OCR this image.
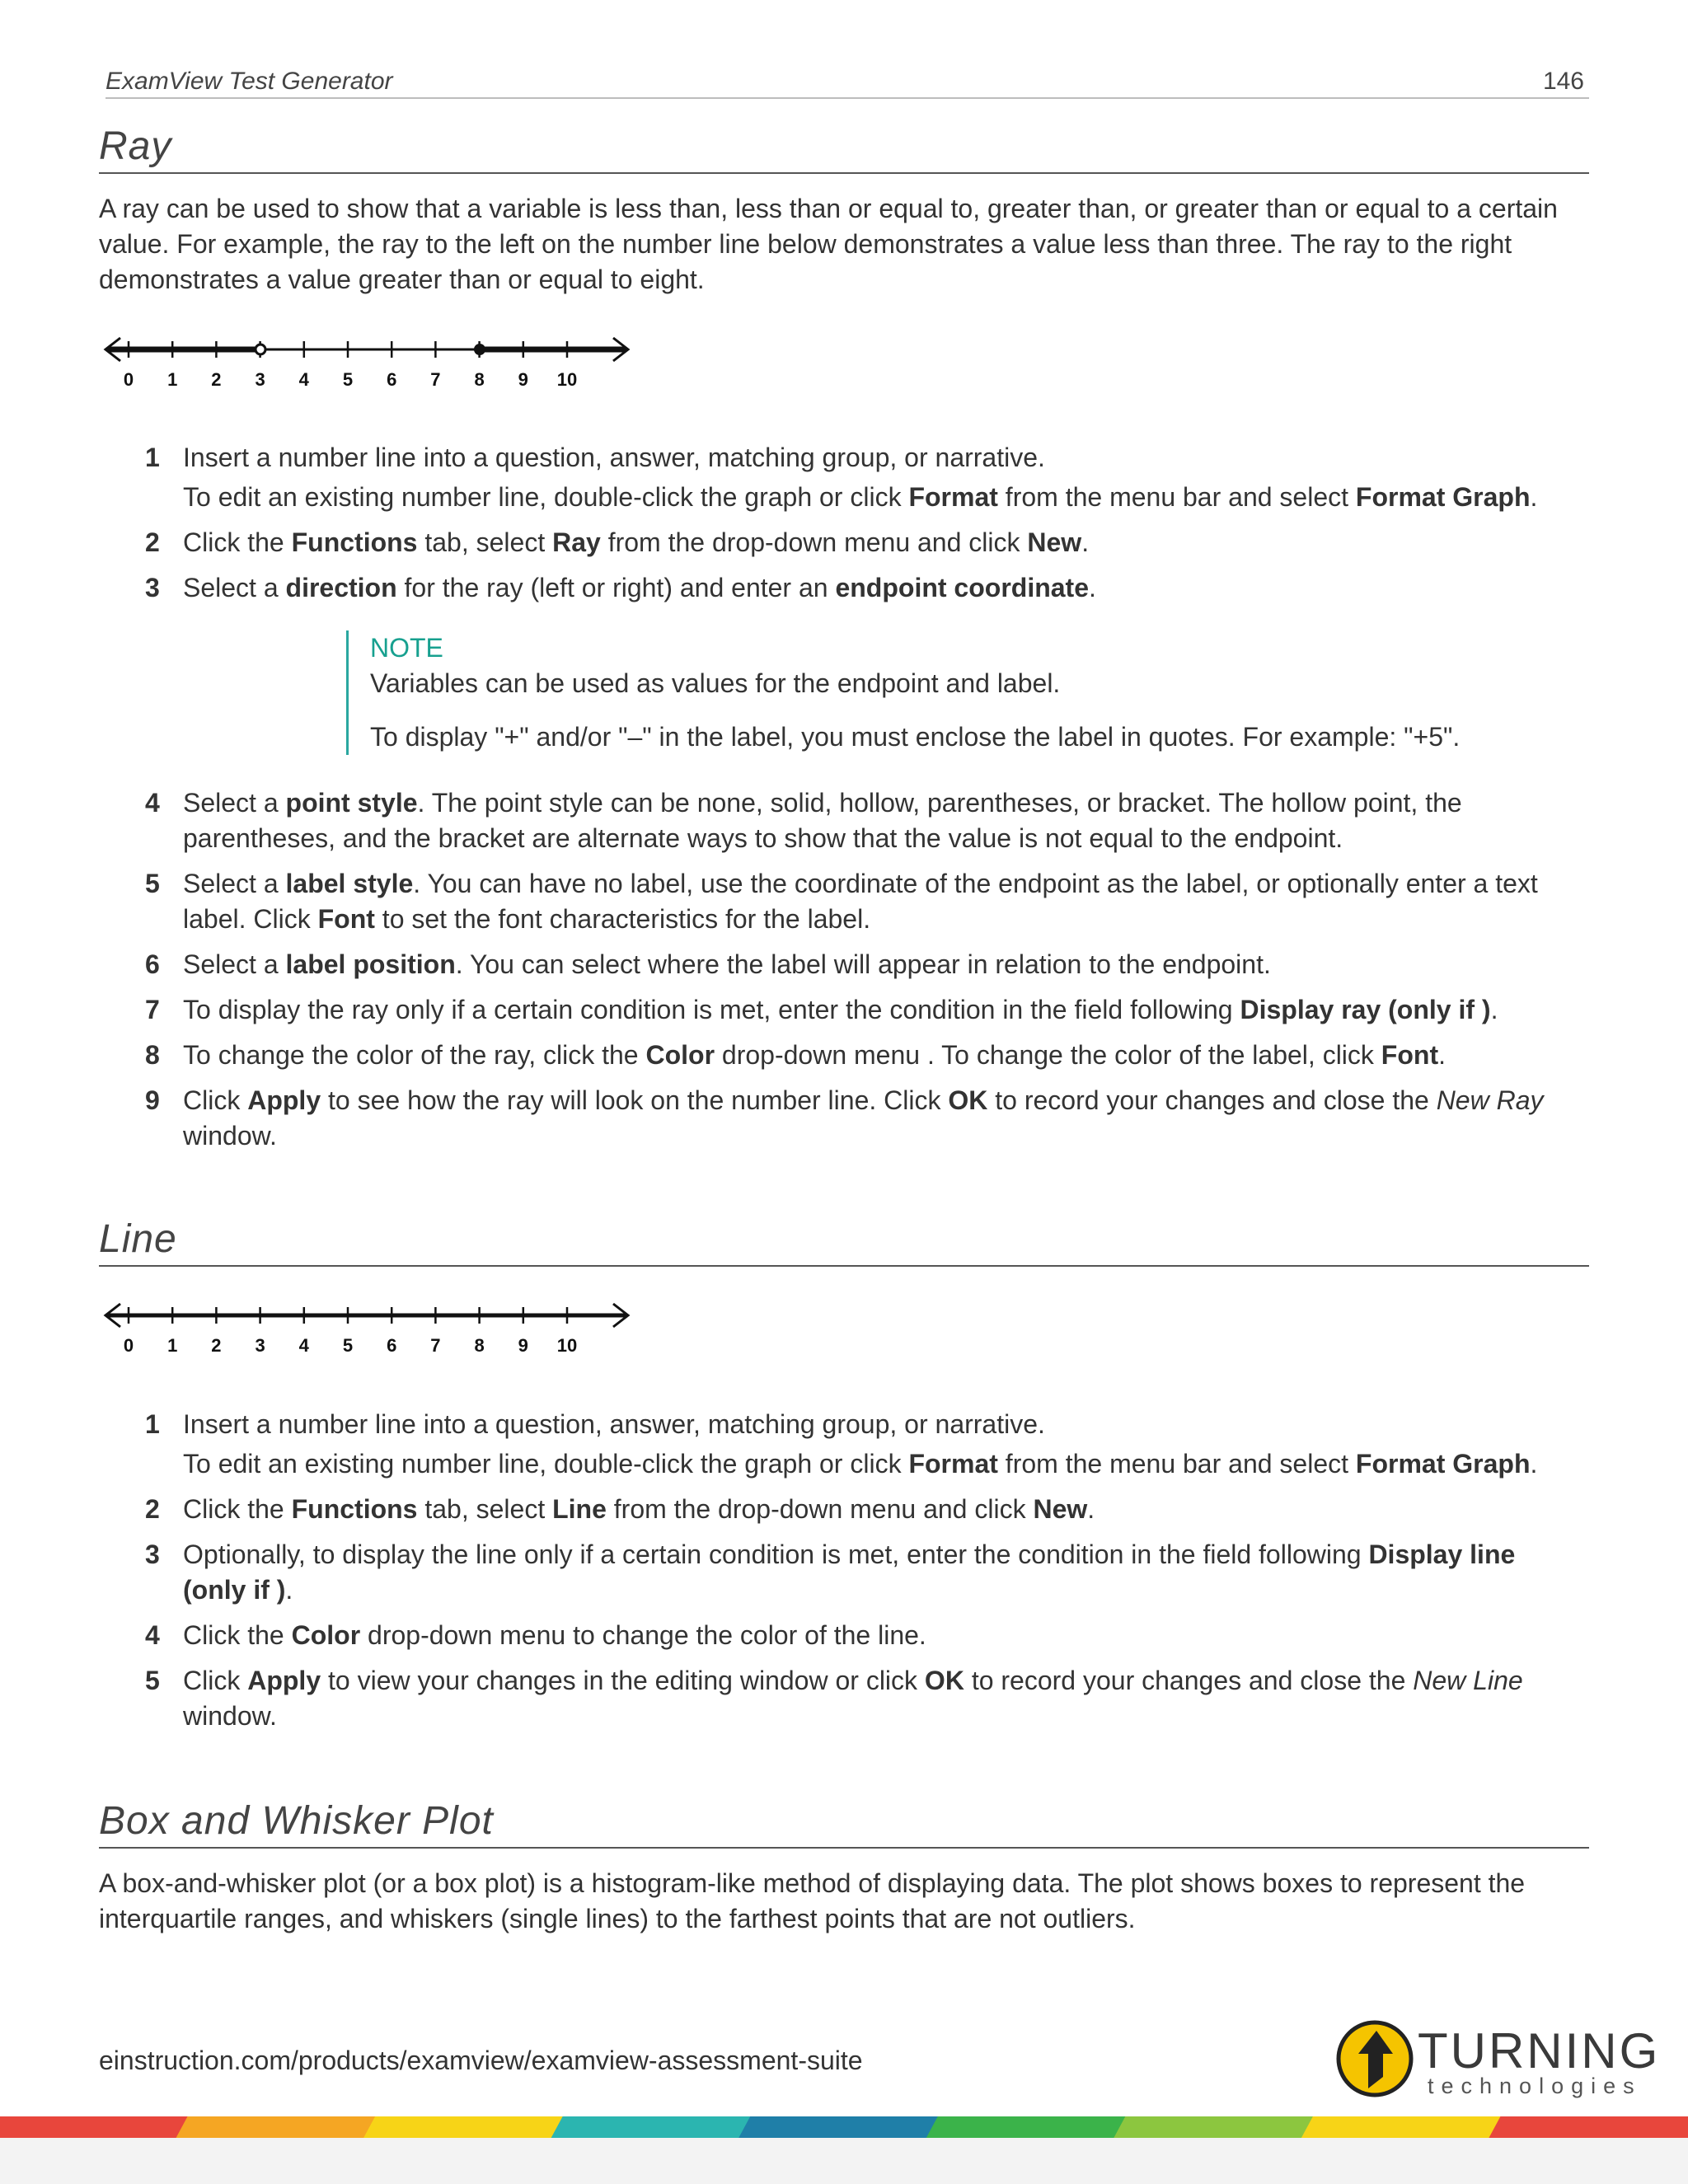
ExamView Test Generator	146
Ray
A ray can be used to show that a variable is less than, less than or equal to, greater than, or greater than or equal to a certain value. For example, the ray to the left on the number line below demonstrates a value less than three. The ray to the right demonstrates a value greater than or equal to eight.
0 1 2 3 4 5 6 7 8 9 10
1 Insert a number line into a question, answer, matching group, or narrative.
To edit an existing number line, double-click the graph or click Format from the menu bar and select Format Graph.
2 Click the Functions tab, select Ray from the drop-down menu and click New.
3 Select a direction for the ray (left or right) and enter an endpoint coordinate.
NOTE

Variables can be used as values for the endpoint and label.

To display "+" and/or "–" in the label, you must enclose the label in quotes. For example: "+5".

4 Select a point style. The point style can be none, solid, hollow, parentheses, or bracket. The hollow point, the parentheses, and the bracket are alternate ways to show that the value is not equal to the endpoint.
5 Select a label style. You can have no label, use the coordinate of the endpoint as the label, or optionally enter a text label. Click Font to set the font characteristics for the label.
6 Select a label position. You can select where the label will appear in relation to the endpoint.
7 To display the ray only if a certain condition is met, enter the condition in the field following Display ray (only if ).
8 To change the color of the ray, click the Color drop-down menu . To change the color of the label, click Font.
9 Click Apply to see how the ray will look on the number line. Click OK to record your changes and close the New Ray window.
Line
0 1 2 3 4 5 6 7 8 9 10
1 Insert a number line into a question, answer, matching group, or narrative.
To edit an existing number line, double-click the graph or click Format from the menu bar and select Format Graph.
2 Click the Functions tab, select Line from the drop-down menu and click New.
3 Optionally, to display the line only if a certain condition is met, enter the condition in the field following Display line (only if ).
4 Click the Color drop-down menu to change the color of the line.
5 Click Apply to view your changes in the editing window or click OK to record your changes and close the New Line window.
Box and Whisker Plot
A box-and-whisker plot (or a box plot) is a histogram-like method of displaying data. The plot shows boxes to represent the interquartile ranges, and whiskers (single lines) to the farthest points that are not outliers.
einstruction.com/products/examview/examview-assessment-suite	TURNING
technologies
